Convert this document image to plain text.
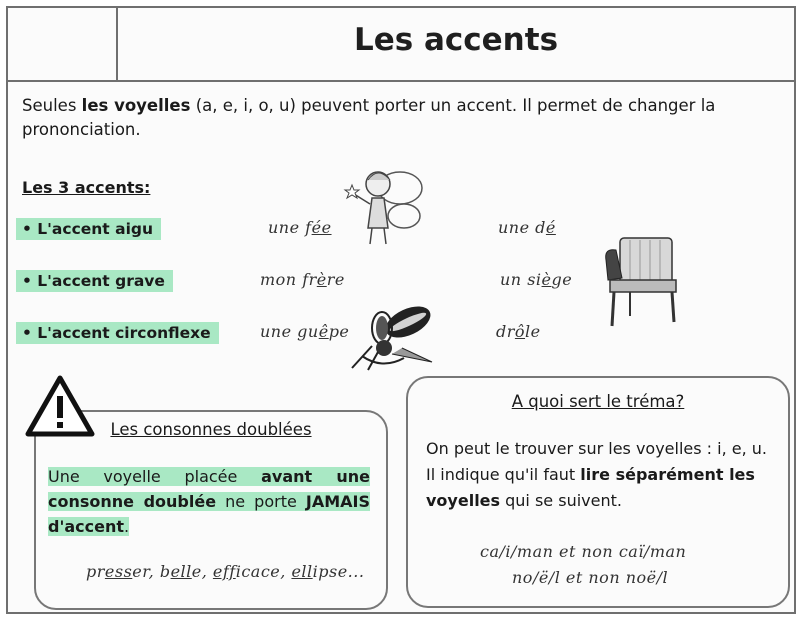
Les accents
Seules les voyelles (a, e, i, o, u) peuvent porter un accent. Il permet de changer la prononciation.
Les 3 accents:
• L'accent aigu	une fée	une dé
• L'accent grave	mon frère	un siège
• L'accent circonflexe	une guêpe	drôle
Les consonnes doublées
Une voyelle placée avant une consonne doublée ne porte JAMAIS d'accent.
presser, belle, efficace, ellipse...
A quoi sert le tréma?
On peut le trouver sur les voyelles : i, e, u.
Il indique qu'il faut lire séparément les voyelles qui se suivent.
ca/i/man et non caï/man
no/ë/l et non noë/l
